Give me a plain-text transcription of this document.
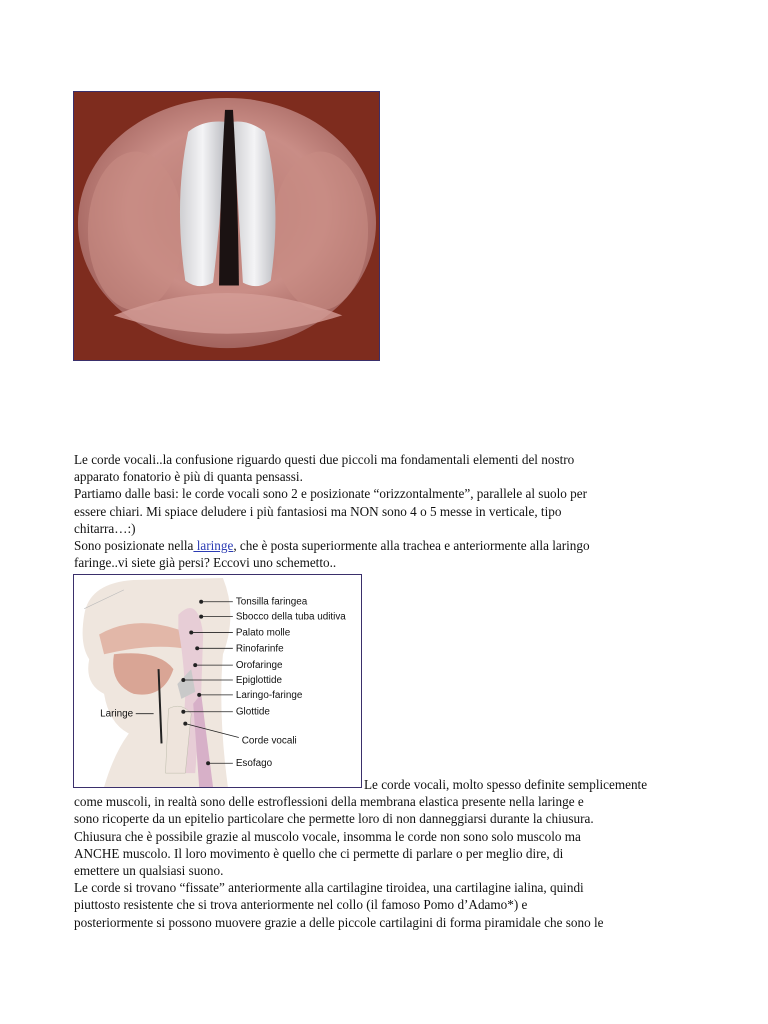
Le corde vocali..la confusione riguardo questi due piccoli ma fondamentali elementi del nostro
apparato fonatorio è più di quanta pensassi.
Partiamo dalle basi: le corde vocali sono 2 e posizionate “orizzontalmente”, parallele al suolo per
essere chiari. Mi spiace deludere i più fantasiosi ma NON sono 4 o 5 messe in verticale, tipo
chitarra…:)
Sono posizionate nella laringe, che è posta superiormente alla trachea e anteriormente alla laringo
faringe..vi siete già persi? Eccovi uno schemetto..
Tonsilla faringea
Sbocco della tuba uditiva
Palato molle
Rinofarinfe
Orofaringe
Epiglottide
Laringo-faringe
Glottide
Corde vocali
Esofago
Laringe
Le corde vocali, molto spesso definite semplicemente
come muscoli, in realtà sono delle estroflessioni della membrana elastica presente nella laringe e
sono ricoperte da un epitelio particolare che permette loro di non danneggiarsi durante la chiusura.
Chiusura che è possibile grazie al muscolo vocale, insomma le corde non sono solo muscolo ma
ANCHE muscolo. Il loro movimento è quello che ci permette di parlare o per meglio dire, di
emettere un qualsiasi suono.
Le corde si trovano “fissate” anteriormente alla cartilagine tiroidea, una cartilagine ialina, quindi
piuttosto resistente che si trova anteriormente nel collo (il famoso Pomo d’Adamo*) e
posteriormente si possono muovere grazie a delle piccole cartilagini di forma piramidale che sono le
